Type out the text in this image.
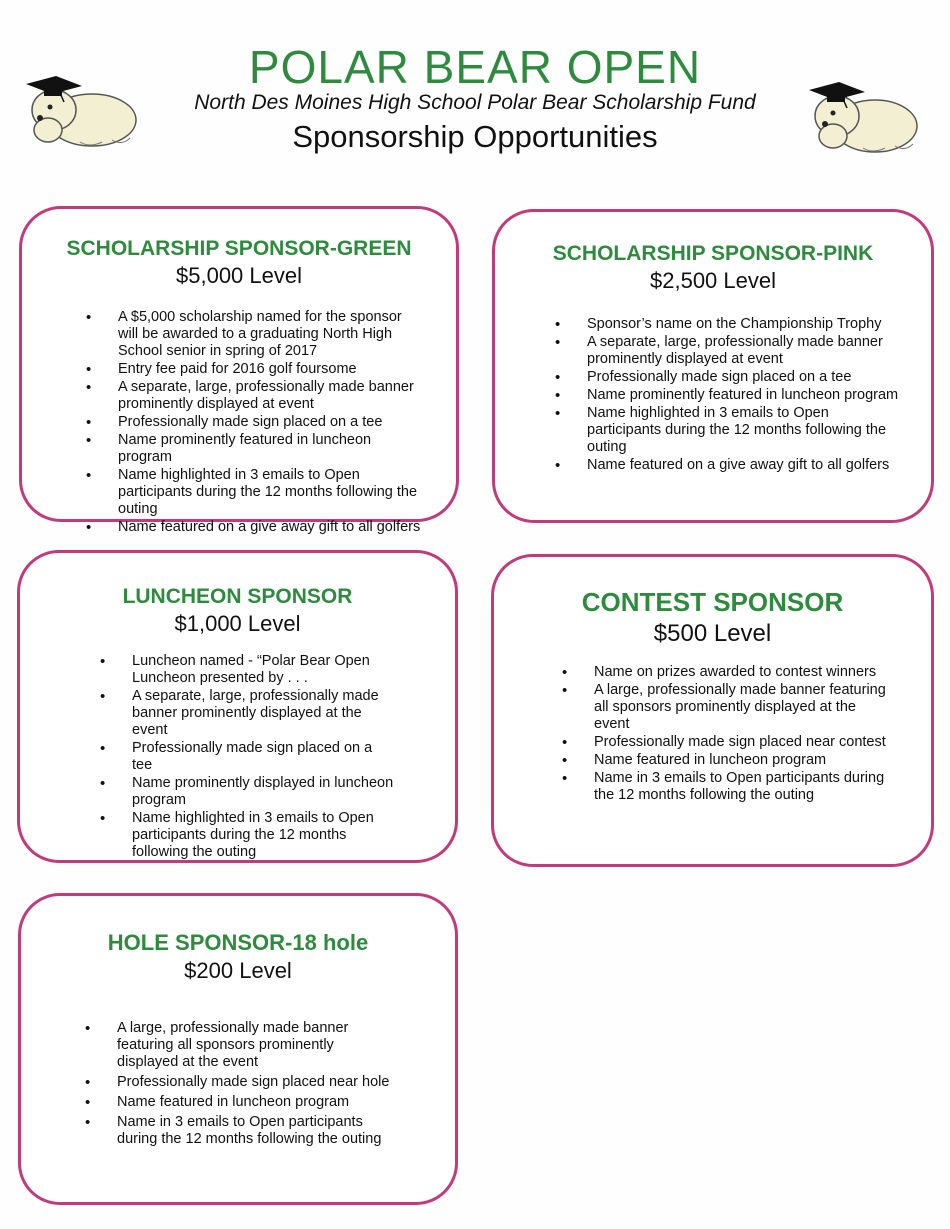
POLAR BEAR OPEN
North Des Moines High School Polar Bear Scholarship Fund
Sponsorship Opportunities
SCHOLARSHIP SPONSOR-GREEN
$5,000 Level
• A $5,000 scholarship named for the sponsor will be awarded to a graduating North High School senior in spring of 2017
• Entry fee paid for 2016 golf foursome
• A separate, large, professionally made banner prominently displayed at event
• Professionally made sign placed on a tee
• Name prominently featured in luncheon program
• Name highlighted in 3 emails to Open participants during the 12 months following the outing
• Name featured on a give away gift to all golfers
SCHOLARSHIP SPONSOR-PINK
$2,500 Level
• Sponsor’s name on the Championship Trophy
• A separate, large, professionally made banner prominently displayed at event
• Professionally made sign placed on a tee
• Name prominently featured in luncheon program
• Name highlighted in 3 emails to Open participants during the 12 months following the outing
• Name featured on a give away gift to all golfers
LUNCHEON SPONSOR
$1,000 Level
• Luncheon named - “Polar Bear Open Luncheon presented by . . .
• A separate, large, professionally made banner prominently displayed at the event
• Professionally made sign placed on a tee
• Name prominently displayed in luncheon program
• Name highlighted in 3 emails to Open participants during the 12 months following the outing
CONTEST SPONSOR
$500 Level
• Name on prizes awarded to contest winners
• A large, professionally made banner featuring all sponsors prominently displayed at the event
• Professionally made sign placed near contest
• Name featured in luncheon program
• Name in 3 emails to Open participants during the 12 months following the outing
HOLE SPONSOR-18 hole
$200 Level
• A large, professionally made banner featuring all sponsors prominently displayed at the event
• Professionally made sign placed near hole
• Name featured in luncheon program
• Name in 3 emails to Open participants during the 12 months following the outing
